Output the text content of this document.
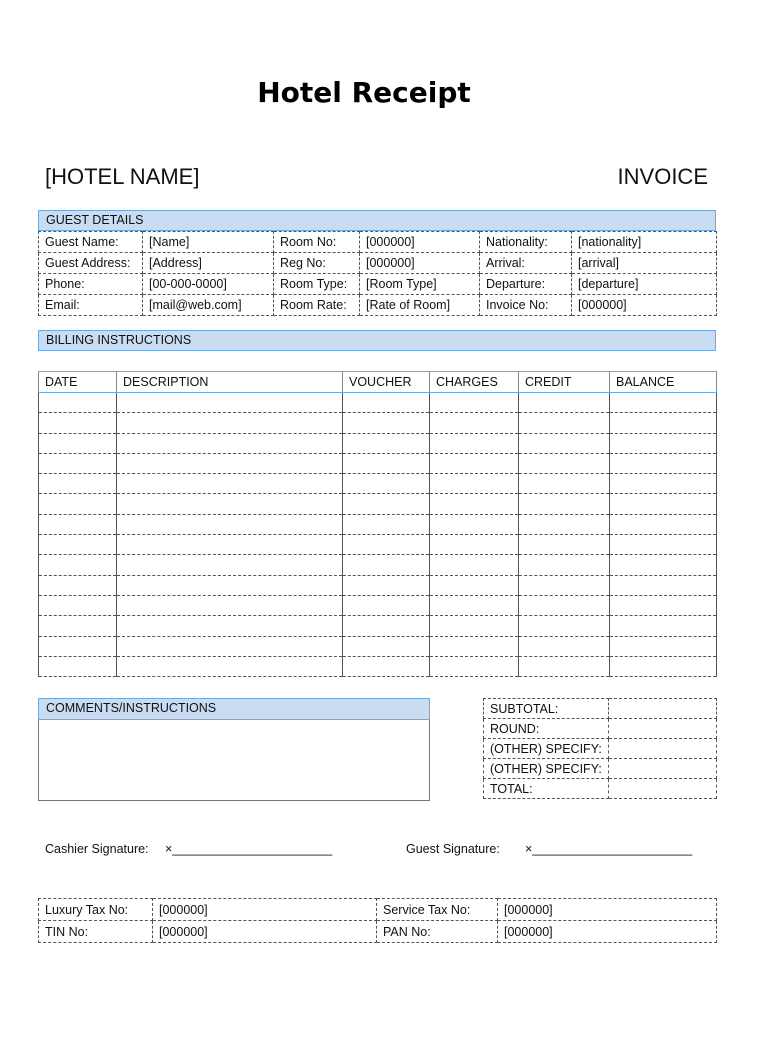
Hotel Receipt
[HOTEL NAME]	INVOICE
GUEST DETAILS
Guest Name:	[Name]	Room No:	[000000]	Nationality:	[nationality]
Guest Address:	[Address]	Reg No:	[000000]	Arrival:	[arrival]
Phone:	[00-000-0000]	Room Type:	[Room Type]	Departure:	[departure]
Email:	[mail@web.com]	Room Rate:	[Rate of Room]	Invoice No:	[000000]
BILLING INSTRUCTIONS
DATE	DESCRIPTION	VOUCHER	CHARGES	CREDIT	BALANCE

COMMENTS/INSTRUCTIONS	SUBTOTAL:	
ROUND:	
(OTHER) SPECIFY:	
(OTHER) SPECIFY:	
TOTAL:	
Cashier Signature: ×_______________________	Guest Signature: ×_______________________
Luxury Tax No:	[000000]	Service Tax No:	[000000]
TIN No:	[000000]	PAN No:	[000000]
